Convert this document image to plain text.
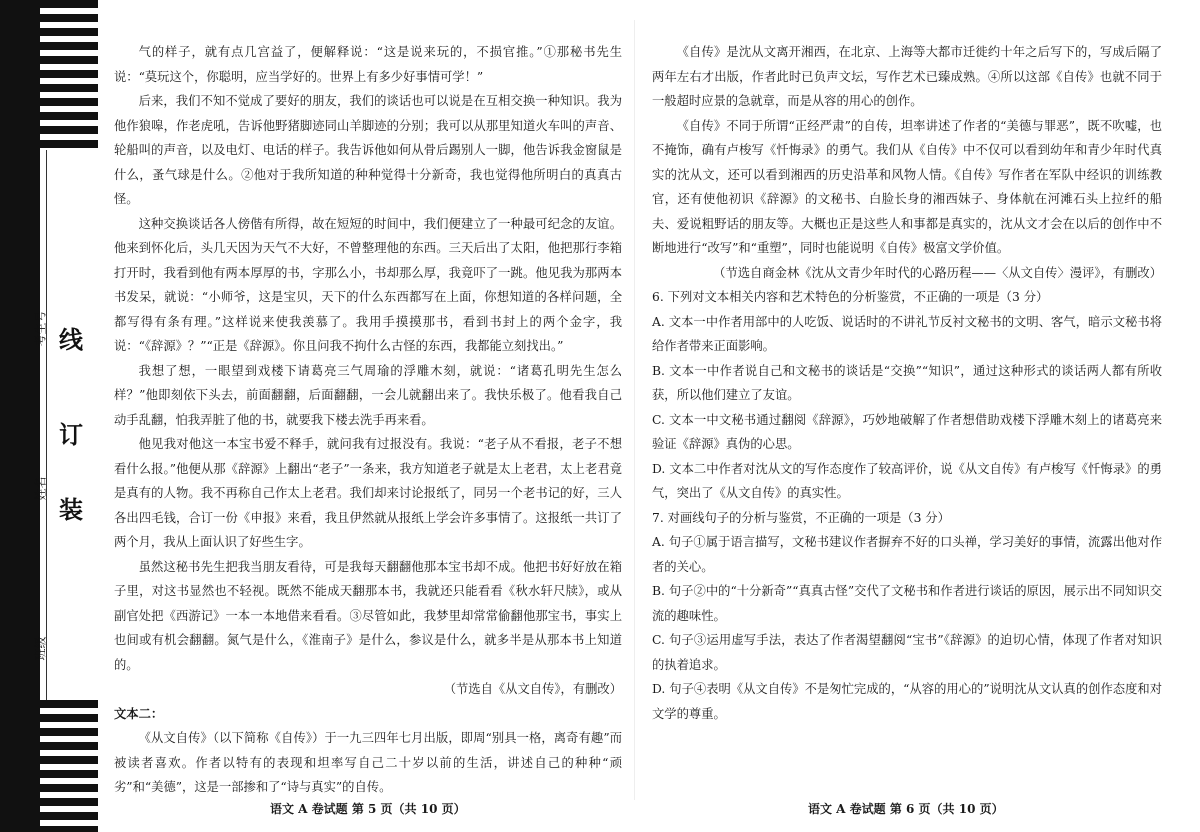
考生号
姓名
班级
线
订
装

气的样子，就有点几宫益了，便解释说：“这是说来玩的，不损官推。”①那秘书先生说：“莫玩这个，你聪明，应当学好的。世界上有多少好事情可学！”

后来，我们不知不觉成了要好的朋友，我们的谈话也可以说是在互相交换一种知识。我为他作狼嗥，作老虎吼，告诉他野猪脚迹同山羊脚迹的分别；我可以从那里知道火车叫的声音、轮船叫的声音，以及电灯、电话的样子。我告诉他如何从骨后踢别人一脚，他告诉我金窗鼠是什么，蚤气球是什么。②他对于我所知道的种种觉得十分新奇，我也觉得他所明白的真真古怪。

这种交换谈话各人傍偕有所得，故在短短的时间中，我们便建立了一种最可纪念的友谊。他来到怀化后，头几天因为天气不大好，不曾整理他的东西。三天后出了太阳，他把那行李箱打开时，我看到他有两本厚厚的书，字那么小，书却那么厚，我竟吓了一跳。他见我为那两本书发呆，就说：“小师爷，这是宝贝，天下的什么东西都写在上面，你想知道的各样问题，全都写得有条有理。”这样说来使我羡慕了。我用手摸摸那书，看到书封上的两个金字，我说：“《辞源》？”“正是《辞源》。你且问我不拘什么古怪的东西，我都能立刻找出。”

我想了想，一眼望到戏楼下请葛亮三气周瑜的浮雕木刻，就说：“诸葛孔明先生怎么样？”他即刻依下头去，前面翻翻，后面翻翻，一会儿就翻出来了。我快乐极了。他看我自己动手乱翻，怕我弄脏了他的书，就要我下楼去洗手再来看。

他见我对他这一本宝书爱不释手，就问我有过报没有。我说：“老子从不看报，老子不想看什么报。”他便从那《辞源》上翻出“老子”一条来，我方知道老子就是太上老君，太上老君竟是真有的人物。我不再称自己作太上老君。我们却来讨论报纸了，同另一个老书记的好，三人各出四毛钱，合订一份《申报》来看，我且伊然就从报纸上学会许多事情了。这报纸一共订了两个月，我从上面认识了好些生字。

虽然这秘书先生把我当朋友看待，可是我每天翻翻他那本宝书却不成。他把书好好放在箱子里，对这书显然也不轻视。既然不能成天翻那本书，我就还只能看看《秋水轩尺牍》，或从副官处把《西游记》一本一本地借来看看。③尽管如此，我梦里却常常偷翻他那宝书，事实上也间或有机会翻翻。氮气是什么，《淮南子》是什么，参议是什么，就多半是从那本书上知道的。

（节选自《从文自传》，有删改）

文本二：

《从文自传》（以下简称《自传》）于一九三四年七月出版，即周“别具一格，离奇有趣”而被读者喜欢。作者以特有的表现和坦率写自己二十岁以前的生活，讲述自己的种种“顽劣”和“美德”，这是一部掺和了“诗与真实”的自传。

《自传》是沈从文离开湘西，在北京、上海等大都市迁徙约十年之后写下的，写成后隔了两年左右才出版，作者此时已负声文坛，写作艺术已臻成熟。④所以这部《自传》也就不同于一般超时应景的急就章，而是从容的用心的创作。

《自传》不同于所谓“正经严肃”的自传，坦率讲述了作者的“美德与罪恶”，既不吹嘘，也不掩饰，确有卢梭写《忏悔录》的勇气。我们从《自传》中不仅可以看到幼年和青少年时代真实的沈从文，还可以看到湘西的历史沿革和风物人情。《自传》写作者在军队中经识的训练教官，还有使他初识《辞源》的文秘书、白脸长身的湘西妹子、身体航在河滩石头上拉纤的船夫、爱说粗野话的朋友等。大概也正是这些人和事都是真实的，沈从文才会在以后的创作中不断地进行“改写”和“重塑”，同时也能说明《自传》极富文学价值。

（节选自商金林《沈从文青少年时代的心路历程——〈从文自传〉漫评》，有删改）

6. 下列对文本相关内容和艺术特色的分析鉴赏，不正确的一项是（3 分）

A. 文本一中作者用部中的人吃饭、说话时的不讲礼节反衬文秘书的文明、客气，暗示文秘书将给作者带来正面影响。

B. 文本一中作者说自己和文秘书的谈话是“交换”“知识”，通过这种形式的谈话两人都有所收获，所以他们建立了友谊。

C. 文本一中文秘书通过翻阅《辞源》，巧妙地破解了作者想借助戏楼下浮雕木刻上的诸葛亮来验证《辞源》真伪的心思。

D. 文本二中作者对沈从文的写作态度作了较高评价，说《从文自传》有卢梭写《忏悔录》的勇气，突出了《从文自传》的真实性。

7. 对画线句子的分析与鉴赏，不正确的一项是（3 分）

A. 句子①属于语言描写，文秘书建议作者摒弃不好的口头禅，学习美好的事情，流露出他对作者的关心。

B. 句子②中的“十分新奇”“真真古怪”交代了文秘书和作者进行谈话的原因，展示出不同知识交流的趣味性。

C. 句子③运用虚写手法，表达了作者渴望翻阅“宝书”《辞源》的迫切心情，体现了作者对知识的执着追求。

D. 句子④表明《从文自传》不是匆忙完成的，“从容的用心的”说明沈从文认真的创作态度和对文学的尊重。

语文 A 卷试题 第 5 页（共 10 页）	语文 A 卷试题 第 6 页（共 10 页）
